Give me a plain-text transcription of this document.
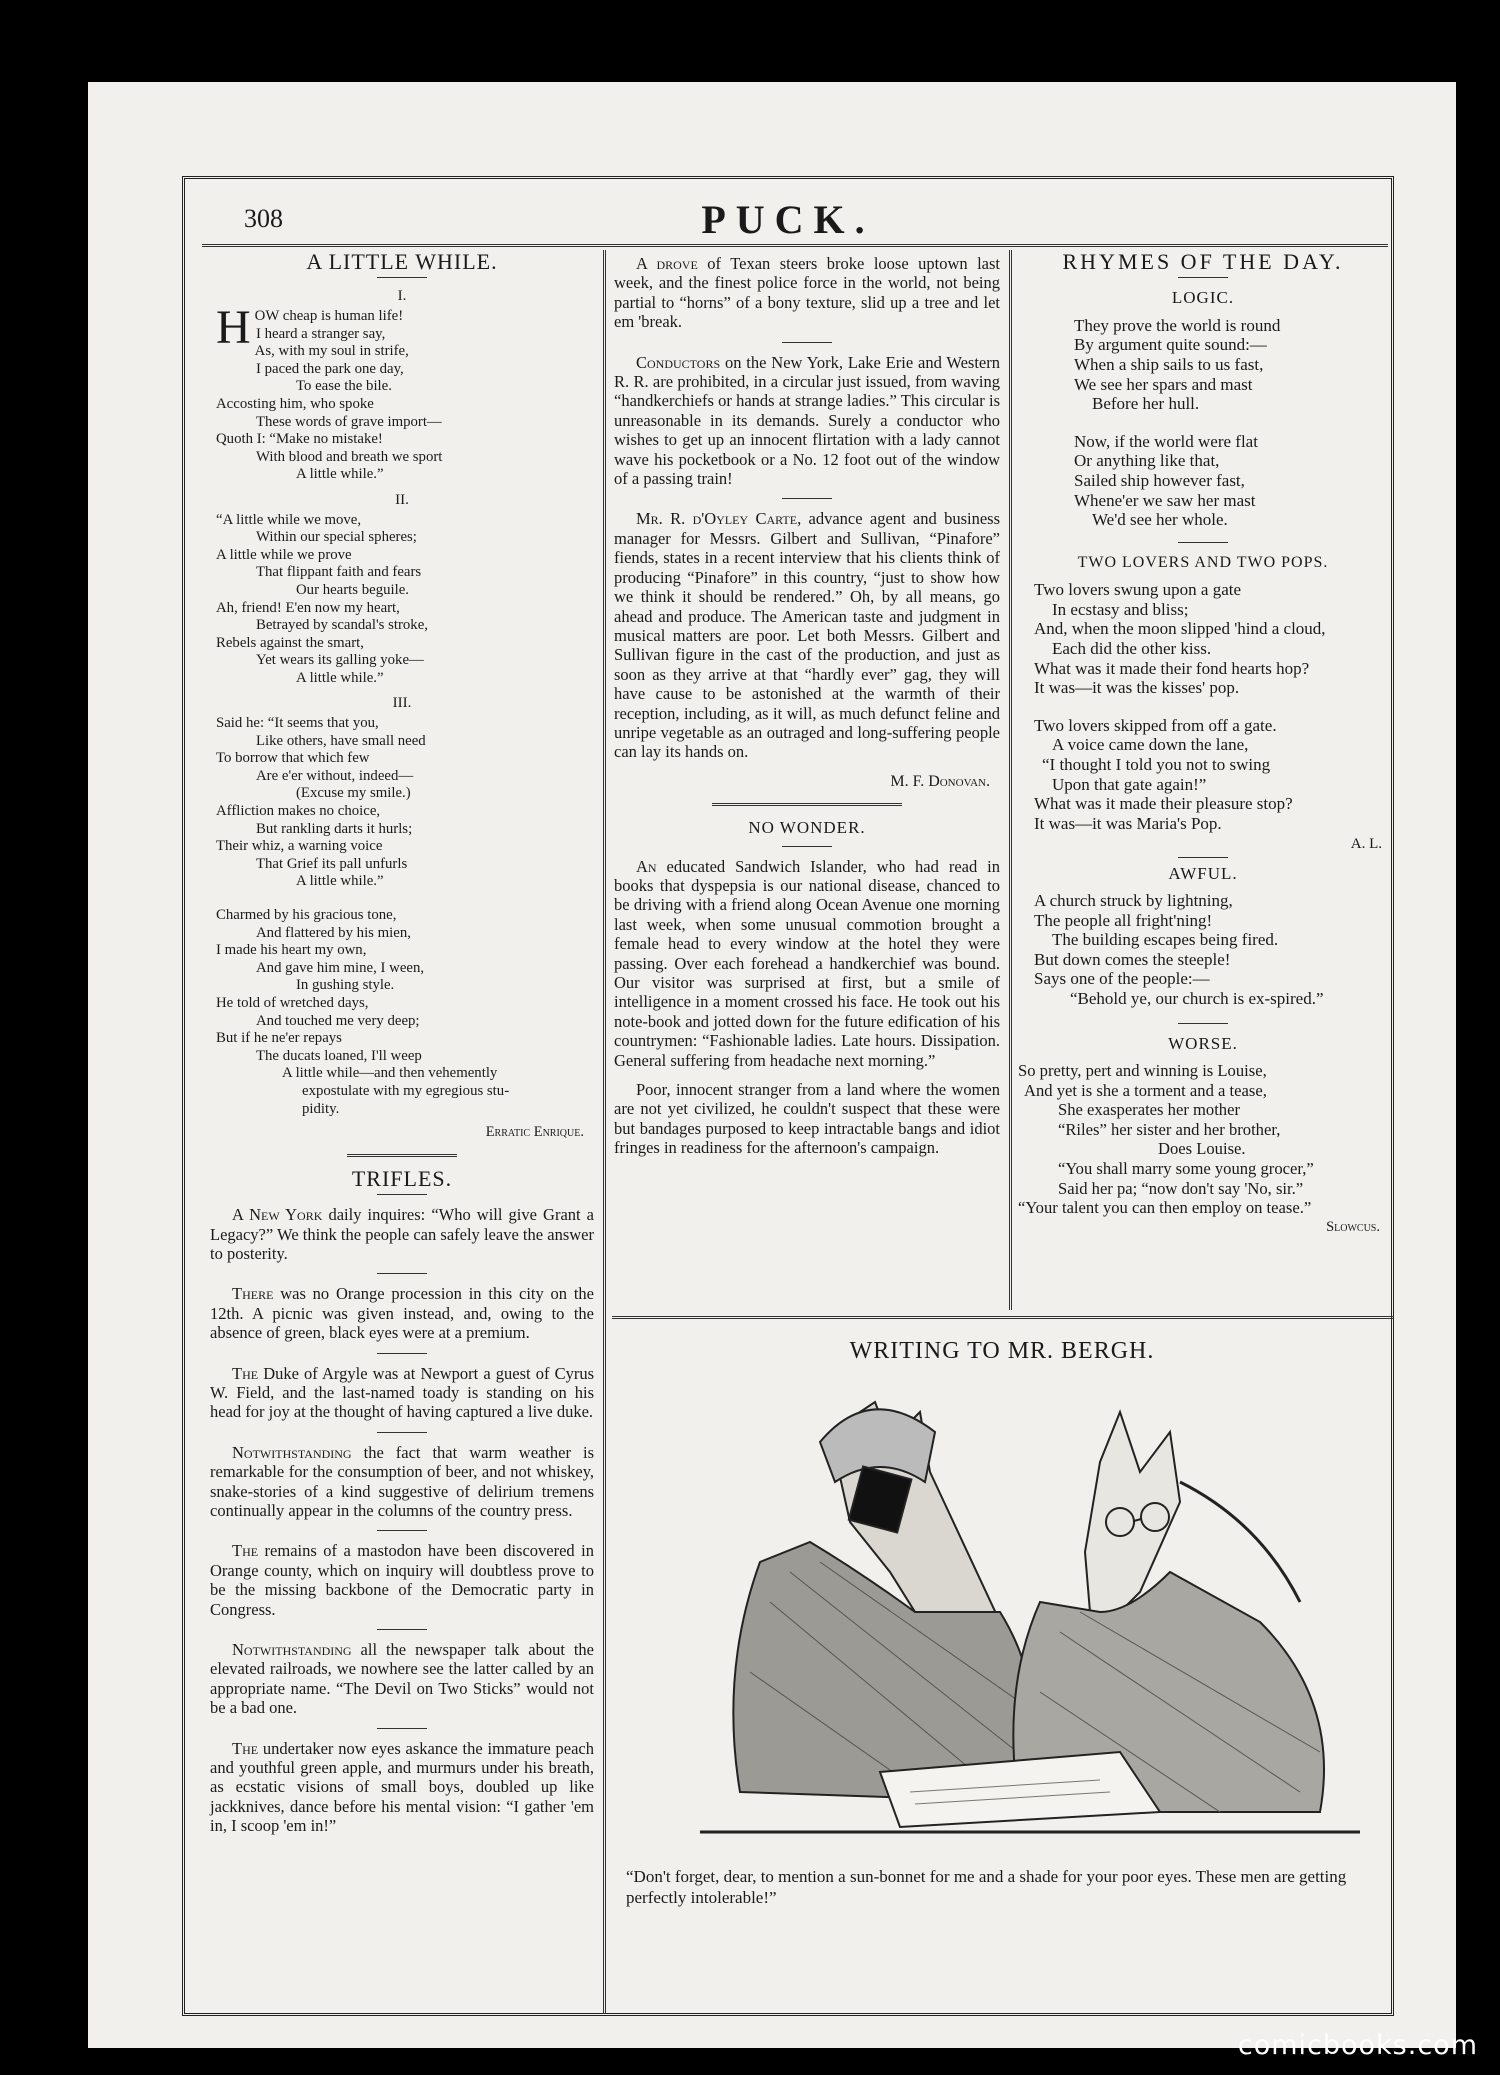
308	PUCK.
A LITTLE WHILE.
I.
H OW cheap is human life!
I heard a stranger say,
As, with my soul in strife,
I paced the park one day,
To ease the bile.
Accosting him, who spoke
These words of grave import—
Quoth I: “Make no mistake!
With blood and breath we sport
A little while.”
II.
“A little while we move,
Within our special spheres;
A little while we prove
That flippant faith and fears
Our hearts beguile.
Ah, friend! E'en now my heart,
Betrayed by scandal's stroke,
Rebels against the smart,
Yet wears its galling yoke—
A little while.”
III.
Said he: “It seems that you,
Like others, have small need
To borrow that which few
Are e'er without, indeed—
(Excuse my smile.)
Affliction makes no choice,
But rankling darts it hurls;
Their whiz, a warning voice
That Grief its pall unfurls
A little while.”
Charmed by his gracious tone,
And flattered by his mien,
I made his heart my own,
And gave him mine, I ween,
In gushing style.
He told of wretched days,
And touched me very deep;
But if he ne'er repays
The ducats loaned, I'll weep
A little while—and then vehemently
expostulate with my egregious stu-
pidity.
Erratic Enrique.
TRIFLES.

A New York daily inquires: “Who will give Grant a Legacy?” We think the people can safely leave the answer to posterity.

There was no Orange procession in this city on the 12th. A picnic was given instead, and, owing to the absence of green, black eyes were at a premium.

The Duke of Argyle was at Newport a guest of Cyrus W. Field, and the last-named toady is standing on his head for joy at the thought of having captured a live duke.

Notwithstanding the fact that warm weather is remarkable for the consumption of beer, and not whiskey, snake-stories of a kind suggestive of delirium tremens continually appear in the columns of the country press.

The remains of a mastodon have been discovered in Orange county, which on inquiry will doubtless prove to be the missing backbone of the Democratic party in Congress.

Notwithstanding all the newspaper talk about the elevated railroads, we nowhere see the latter called by an appropriate name. “The Devil on Two Sticks” would not be a bad one.

The undertaker now eyes askance the immature peach and youthful green apple, and murmurs under his breath, as ecstatic visions of small boys, doubled up like jackknives, dance before his mental vision: “I gather 'em in, I scoop 'em in!”

A drove of Texan steers broke loose uptown last week, and the finest police force in the world, not being partial to “horns” of a bony texture, slid up a tree and let em 'break.

Conductors on the New York, Lake Erie and Western R. R. are prohibited, in a circular just issued, from waving “handkerchiefs or hands at strange ladies.” This circular is unreasonable in its demands. Surely a conductor who wishes to get up an innocent flirtation with a lady cannot wave his pocketbook or a No. 12 foot out of the window of a passing train!

Mr. R. d'Oyley Carte, advance agent and business manager for Messrs. Gilbert and Sullivan, “Pinafore” fiends, states in a recent interview that his clients think of producing “Pinafore” in this country, “just to show how we think it should be rendered.” Oh, by all means, go ahead and produce. The American taste and judgment in musical matters are poor. Let both Messrs. Gilbert and Sullivan figure in the cast of the production, and just as soon as they arrive at that “hardly ever” gag, they will have cause to be astonished at the warmth of their reception, including, as it will, as much defunct feline and unripe vegetable as an outraged and long-suffering people can lay its hands on.

M. F. Donovan.
NO WONDER.

An educated Sandwich Islander, who had read in books that dyspepsia is our national disease, chanced to be driving with a friend along Ocean Avenue one morning last week, when some unusual commotion brought a female head to every window at the hotel they were passing. Over each forehead a handkerchief was bound. Our visitor was surprised at first, but a smile of intelligence in a moment crossed his face. He took out his note-book and jotted down for the future edification of his countrymen: “Fashionable ladies. Late hours. Dissipation. General suffering from headache next morning.”

Poor, innocent stranger from a land where the women are not yet civilized, he couldn't suspect that these were but bandages purposed to keep intractable bangs and idiot fringes in readiness for the afternoon's campaign.

RHYMES OF THE DAY.
LOGIC.
They prove the world is round
By argument quite sound:—
When a ship sails to us fast,
We see her spars and mast
Before her hull.
Now, if the world were flat
Or anything like that,
Sailed ship however fast,
Whene'er we saw her mast
We'd see her whole.
TWO LOVERS AND TWO POPS.
Two lovers swung upon a gate
In ecstasy and bliss;
And, when the moon slipped 'hind a cloud,
Each did the other kiss.
What was it made their fond hearts hop?
It was—it was the kisses' pop.
Two lovers skipped from off a gate.
A voice came down the lane,
“I thought I told you not to swing
Upon that gate again!”
What was it made their pleasure stop?
It was—it was Maria's Pop.
A. L.
AWFUL.
A church struck by lightning,
The people all fright'ning!
The building escapes being fired.
But down comes the steeple!
Says one of the people:—
“Behold ye, our church is ex-spired.”
WORSE.
So pretty, pert and winning is Louise,
And yet is she a torment and a tease,
She exasperates her mother
“Riles” her sister and her brother,
Does Louise.
“You shall marry some young grocer,”
Said her pa; “now don't say 'No, sir.”
“Your talent you can then employ on tease.”
Slowcus.
WRITING TO MR. BERGH.
“Don't forget, dear, to mention a sun-bonnet for me and a shade for your poor eyes. These men are getting perfectly intolerable!”
comicbooks.com
